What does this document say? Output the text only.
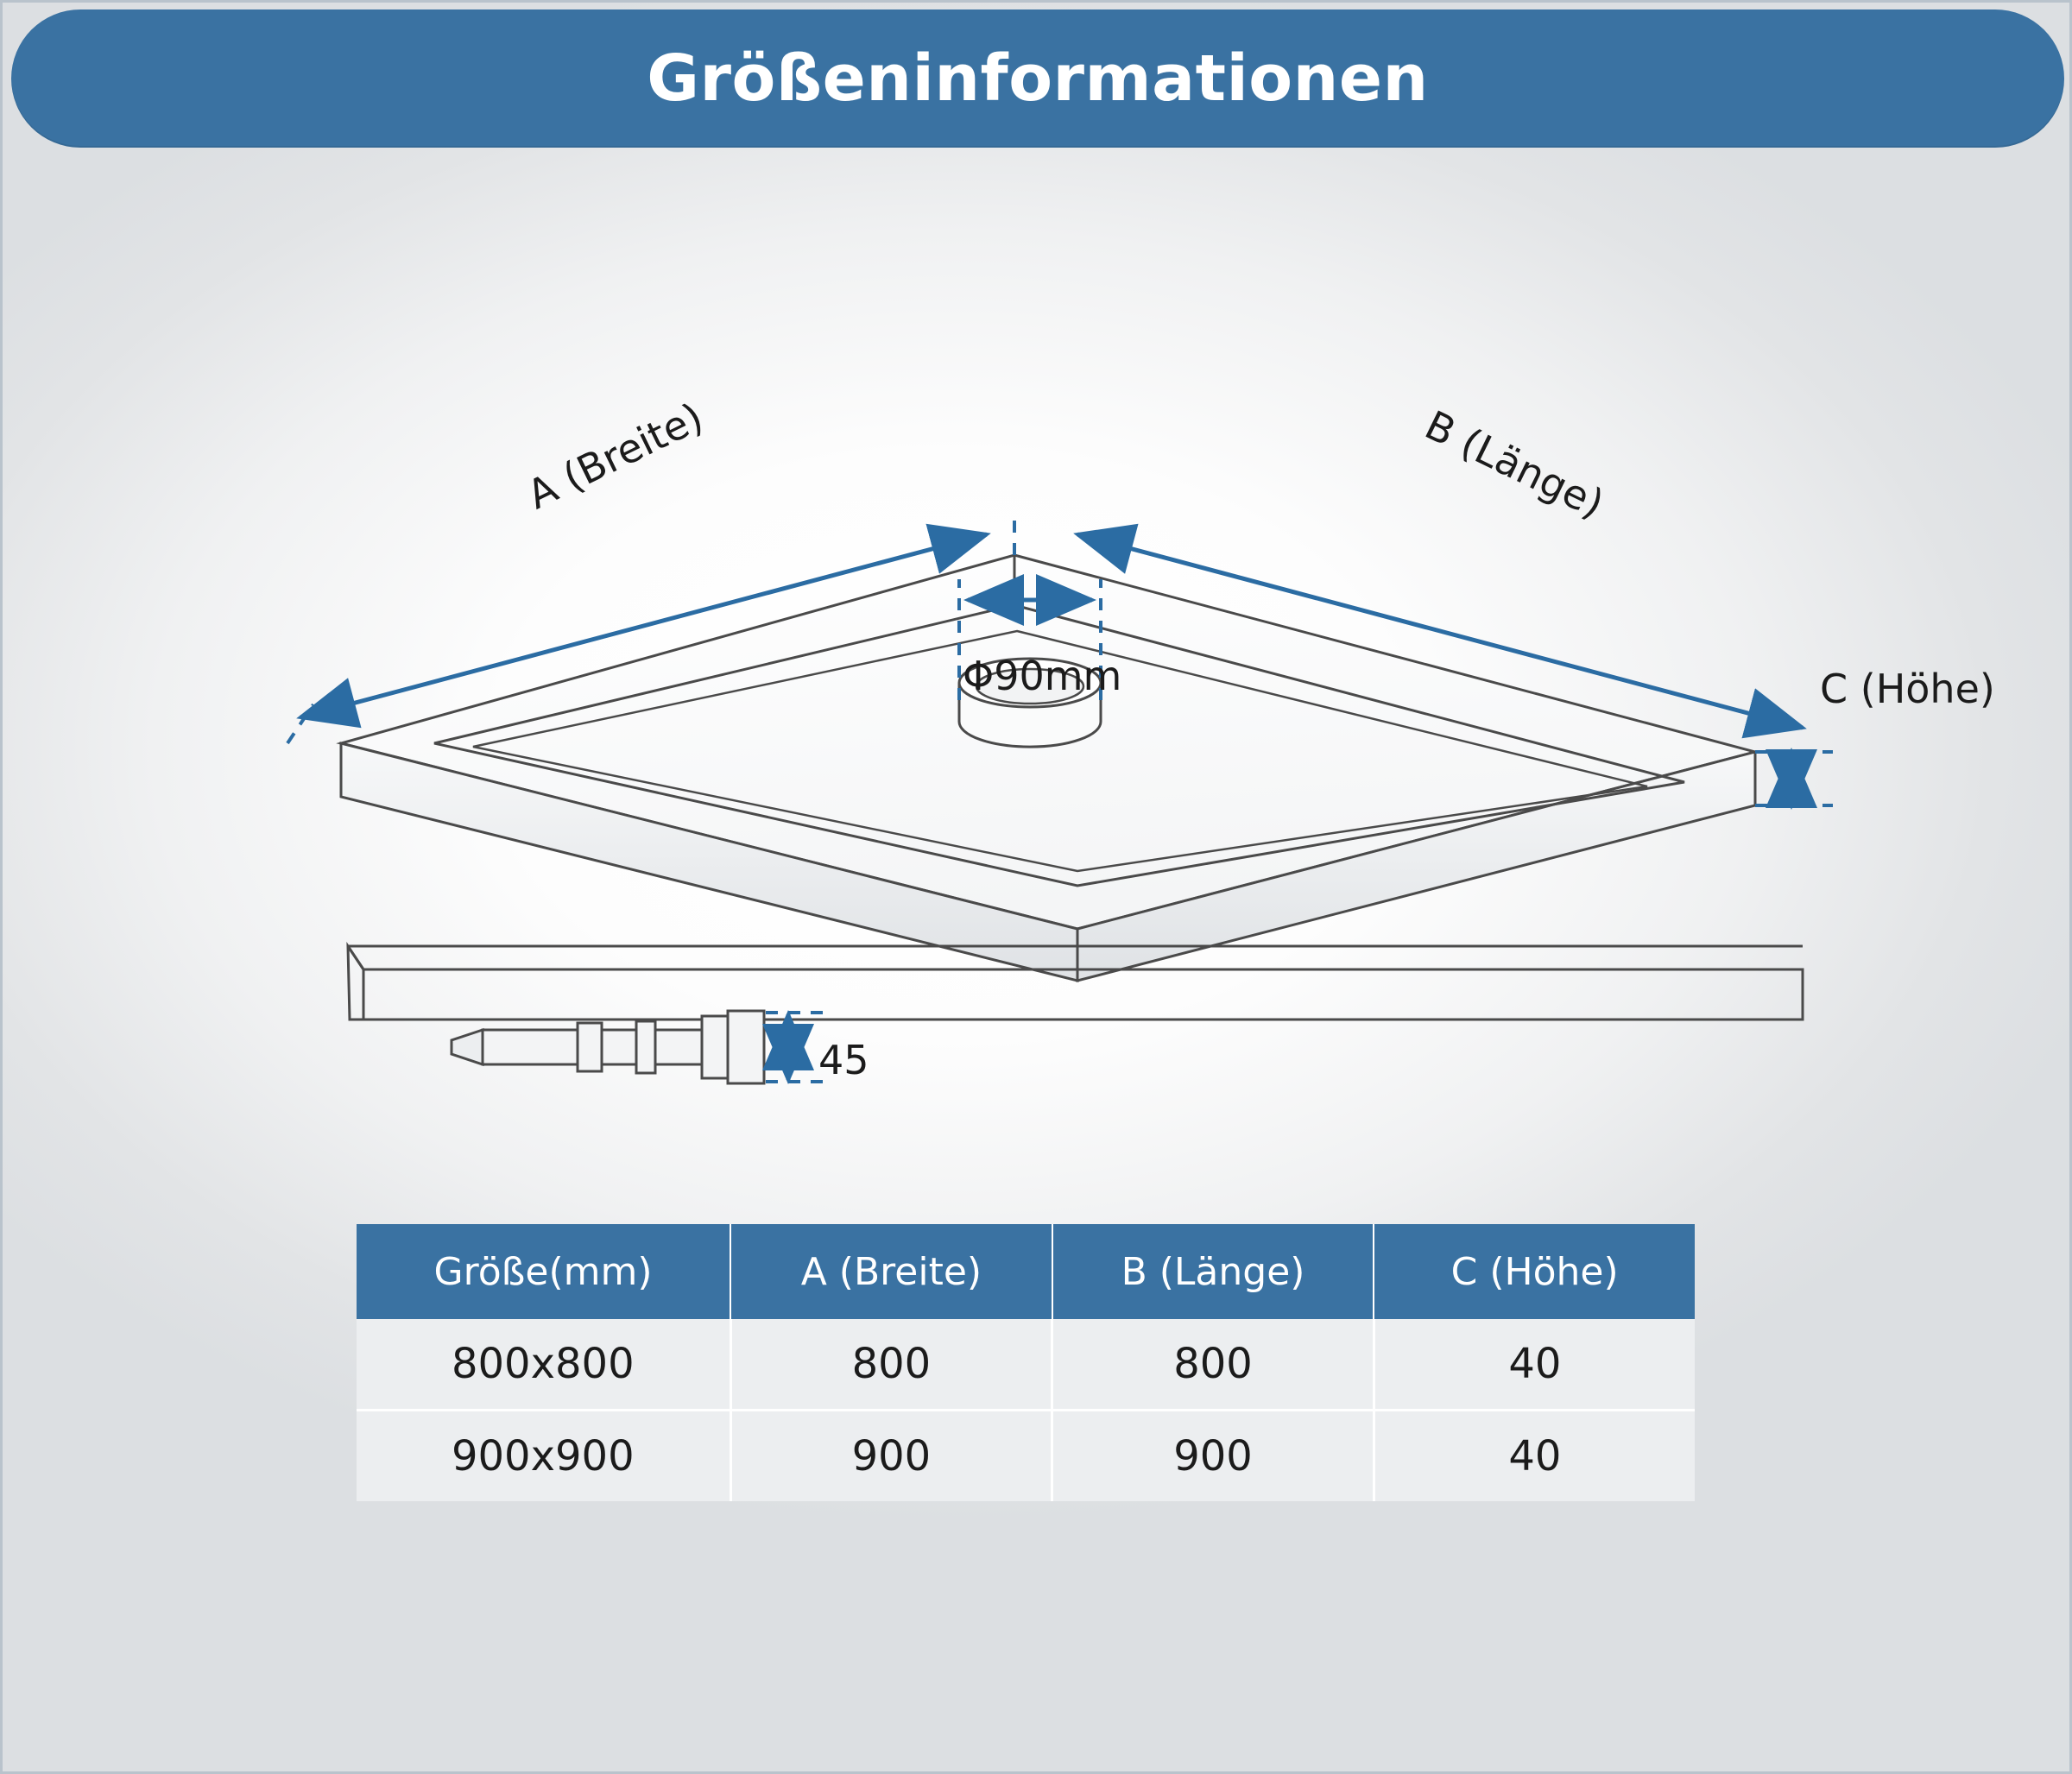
Größeninformationen
A (Breite)	B (Länge)
C (Höhe)
Φ90mm
45
Größe(mm)	A (Breite)	B (Länge)	C (Höhe)
800x800	800	800	40
900x900	900	900	40
